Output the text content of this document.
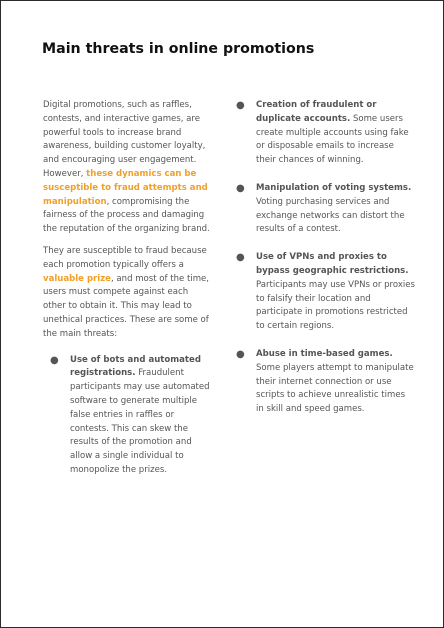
Main threats in online promotions

Digital promotions, such as raffles, contests, and interactive games, are powerful tools to increase brand awareness, building customer loyalty, and encouraging user engagement. However, these dynamics can be susceptible to fraud attempts and manipulation, compromising the fairness of the process and damaging the reputation of the organizing brand.

They are susceptible to fraud because each promotion typically offers a valuable prize, and most of the time, users must compete against each other to obtain it. This may lead to unethical practices. These are some of the main threats:

● Use of bots and automated registrations. Fraudulent participants may use automated software to generate multiple false entries in raffles or contests. This can skew the results of the promotion and allow a single individual to monopolize the prizes.
● Creation of fraudulent or duplicate accounts. Some users create multiple accounts using fake or disposable emails to increase their chances of winning.
● Manipulation of voting systems. Voting purchasing services and exchange networks can distort the results of a contest.
● Use of VPNs and proxies to bypass geographic restrictions. Participants may use VPNs or proxies to falsify their location and participate in promotions restricted to certain regions.
● Abuse in time-based games. Some players attempt to manipulate their internet connection or use scripts to achieve unrealistic times in skill and speed games.
